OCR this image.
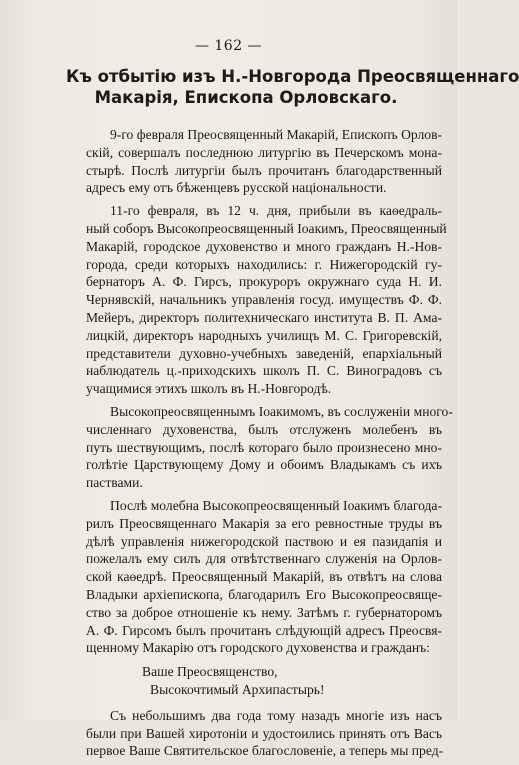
— 162 —
Къ отбытію изъ Н.-Новгорода Преосвященнаго
Макарія, Епископа Орловскаго.
9-го февраля Преосвященный Макарій, Епископъ Орлов-
скій, совершалъ последнюю литургію въ Печерскомъ мона-
стырѣ. Послѣ литургіи былъ прочитанъ благодарственный
адресъ ему отъ бѣженцевъ русской національности.
11-го февраля, въ 12 ч. дня, прибыли въ каѳедраль-
ный соборъ Высокопреосвященный Іоакимъ, Преосвященный
Макарій, городское духовенство и много гражданъ Н.-Нов-
города, среди которыхъ находились: г. Нижегородскій гу-
бернаторъ А. Ф. Гирсъ, прокуроръ окружнаго суда Н. И.
Чернявскій, начальникъ управленія госуд. имуществъ Ф. Ф.
Мейеръ, директоръ политехническаго института В. П. Ама-
лицкій, директоръ народныхъ училищъ М. С. Григоревскій,
представители духовно-учебныхъ заведеній, епархіальный
наблюдатель ц.-приходскихъ школъ П. С. Виноградовъ съ
учащимися этихъ школъ въ Н.-Новгородѣ.
Высокопреосвященнымъ Іоакимомъ, въ сослуженіи много-
численнаго духовенства, былъ отслуженъ молебенъ въ
путь шествующимъ, послѣ котораго было произнесено мно-
голѣтіе Царствующему Дому и обоимъ Владыкамъ съ ихъ
паствами.
Послѣ молебна Высокопреосвященный Іоакимъ благода-
рилъ Преосвященнаго Макарія за его ревностные труды въ
дѣлѣ управленія нижегородской паствою и ея пазидапія и
пожелалъ ему силъ для отвѣтственнаго служенія на Орлов-
ской каѳедрѣ. Преосвященный Макарій, въ отвѣтъ на слова
Владыки архіепископа, благодарилъ Его Высокопреосвяще-
ство за доброе отношеніе къ нему. Затѣмъ г. губернаторомъ
А. Ф. Гирсомъ былъ прочитанъ слѣдующій адресъ Преосвя-
щенному Макарію отъ городского духовенства и гражданъ:
Ваше Преосвященство,
Высокочтимый Архипастырь!
Съ небольшимъ два года тому назадъ многіе изъ насъ
были при Вашей хиротоніи и удостоились принять отъ Васъ
первое Ваше Святительское благословеніе, а теперь мы пред-
